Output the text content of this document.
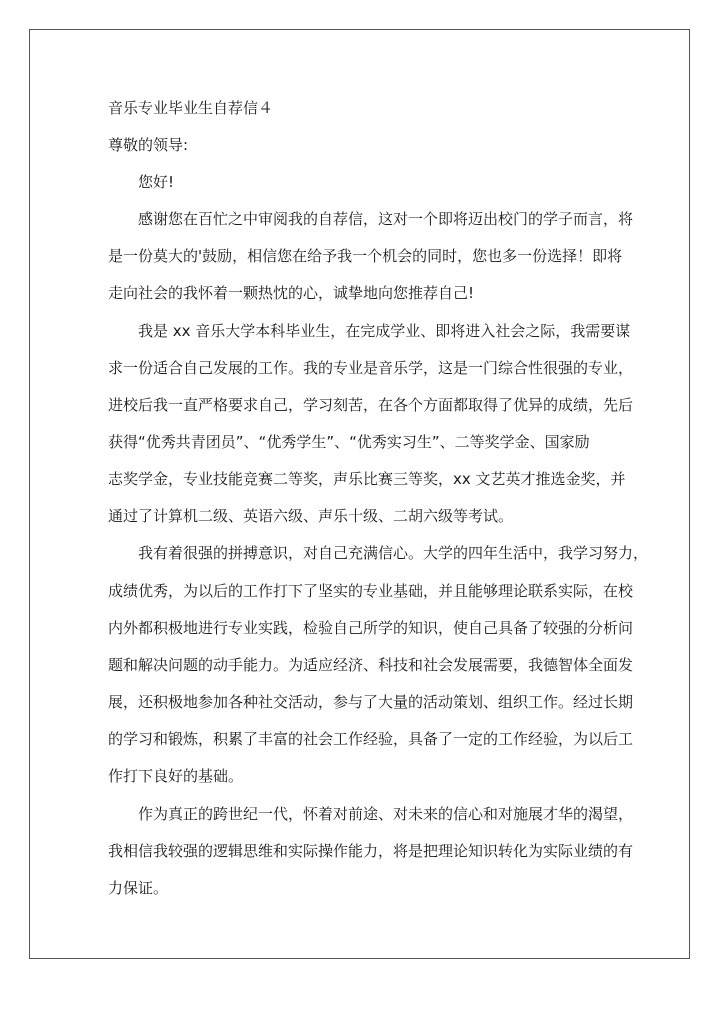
音乐专业毕业生自荐信４
尊敬的领导:
您好!
感谢您在百忙之中审阅我的自荐信，这对一个即将迈出校门的学子而言，将
是一份莫大的'鼓励，相信您在给予我一个机会的同时，您也多一份选择！即将
走向社会的我怀着一颗热忱的心，诚挚地向您推荐自己!
我是 xx 音乐大学本科毕业生，在完成学业、即将进入社会之际，我需要谋
求一份适合自己发展的工作。我的专业是音乐学，这是一门综合性很强的专业，
进校后我一直严格要求自己，学习刻苦，在各个方面都取得了优异的成绩，先后
获得“优秀共青团员”、“优秀学生”、“优秀实习生”、二等奖学金、国家励
志奖学金，专业技能竞赛二等奖，声乐比赛三等奖，xx 文艺英才推选金奖，并
通过了计算机二级、英语六级、声乐十级、二胡六级等考试。
我有着很强的拼搏意识，对自己充满信心。大学的四年生活中，我学习努力，
成绩优秀，为以后的工作打下了坚实的专业基础，并且能够理论联系实际，在校
内外都积极地进行专业实践，检验自己所学的知识，使自己具备了较强的分析问
题和解决问题的动手能力。为适应经济、科技和社会发展需要，我德智体全面发
展，还积极地参加各种社交活动，参与了大量的活动策划、组织工作。经过长期
的学习和锻炼，积累了丰富的社会工作经验，具备了一定的工作经验，为以后工
作打下良好的基础。
作为真正的跨世纪一代，怀着对前途、对未来的信心和对施展才华的渴望，
我相信我较强的逻辑思维和实际操作能力，将是把理论知识转化为实际业绩的有
力保证。
